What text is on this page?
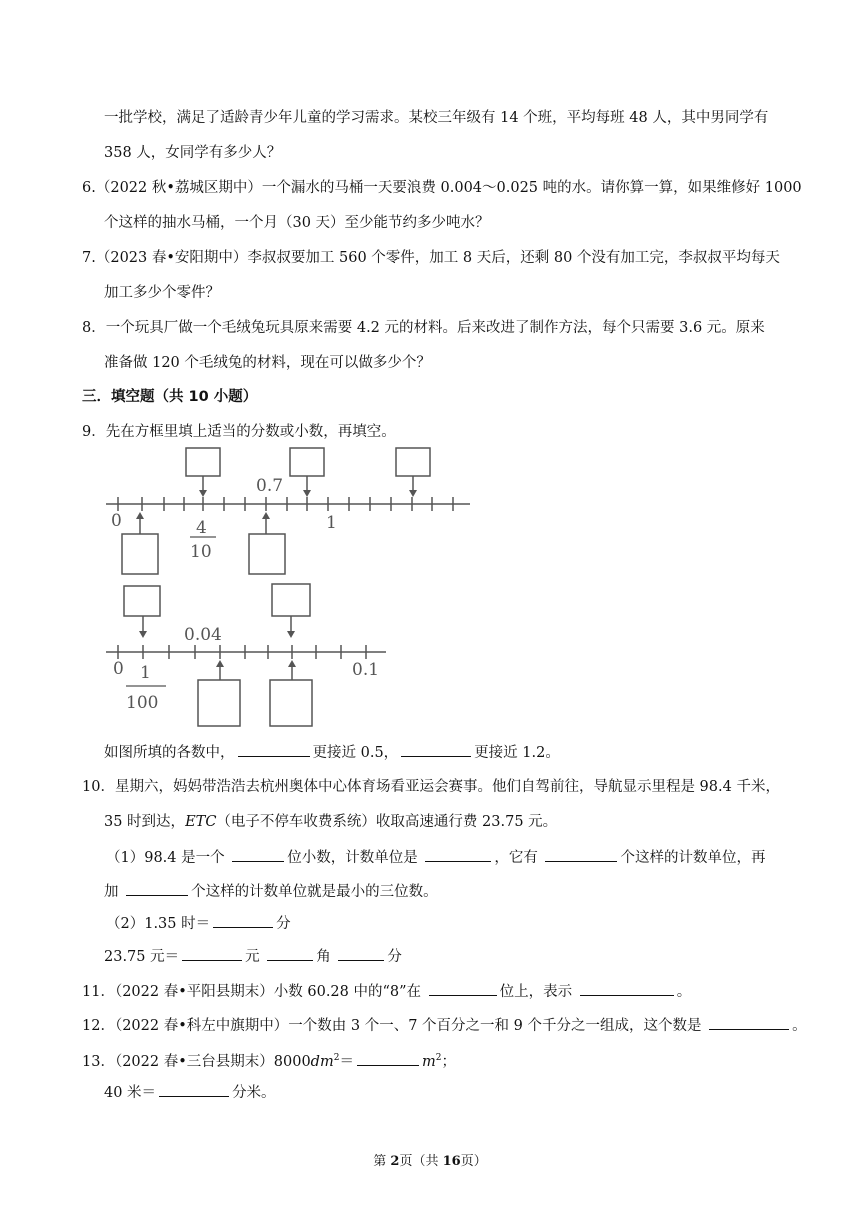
一批学校，满足了适龄青少年儿童的学习需求。某校三年级有 14 个班，平均每班 48 人，其中男同学有
358 人，女同学有多少人？
6.（2022 秋•荔城区期中）一个漏水的马桶一天要浪费 0.004～0.025 吨的水。请你算一算，如果维修好 1000
个这样的抽水马桶，一个月（30 天）至少能节约多少吨水？
7.（2023 春•安阳期中）李叔叔要加工 560 个零件，加工 8 天后，还剩 80 个没有加工完，李叔叔平均每天
加工多少个零件？
8．一个玩具厂做一个毛绒兔玩具原来需要 4.2 元的材料。后来改进了制作方法，每个只需要 3.6 元。原来
准备做 120 个毛绒兔的材料，现在可以做多少个？
三．填空题（共 10 小题）
9．先在方框里填上适当的分数或小数，再填空。
0	4
10
0.7
1
0 1
100
0.04
0.1
如图所填的各数中，	更接近 0.5，	更接近 1.2。
10．星期六，妈妈带浩浩去杭州奥体中心体育场看亚运会赛事。他们自驾前往，导航显示里程是 98.4 千米，
35 时到达，ETC（电子不停车收费系统）收取高速通行费 23.75 元。
（1）98.4 是一个	位小数，计数单位是	，它有	个这样的计数单位，再
加	个这样的计数单位就是最小的三位数。
（2）1.35 时＝	分
23.75 元＝	元	角	分
11．（2022 春•平阳县期末）小数 60.28 中的“8”在	位上，表示	。
12．（2022 春•科左中旗期中）一个数由 3 个一、7 个百分之一和 9 个千分之一组成，这个数是	。
13．（2022 春•三台县期末）$8000dm^2=$	$m^2$；
40 米＝	分米。
第 2页（共 16页）
